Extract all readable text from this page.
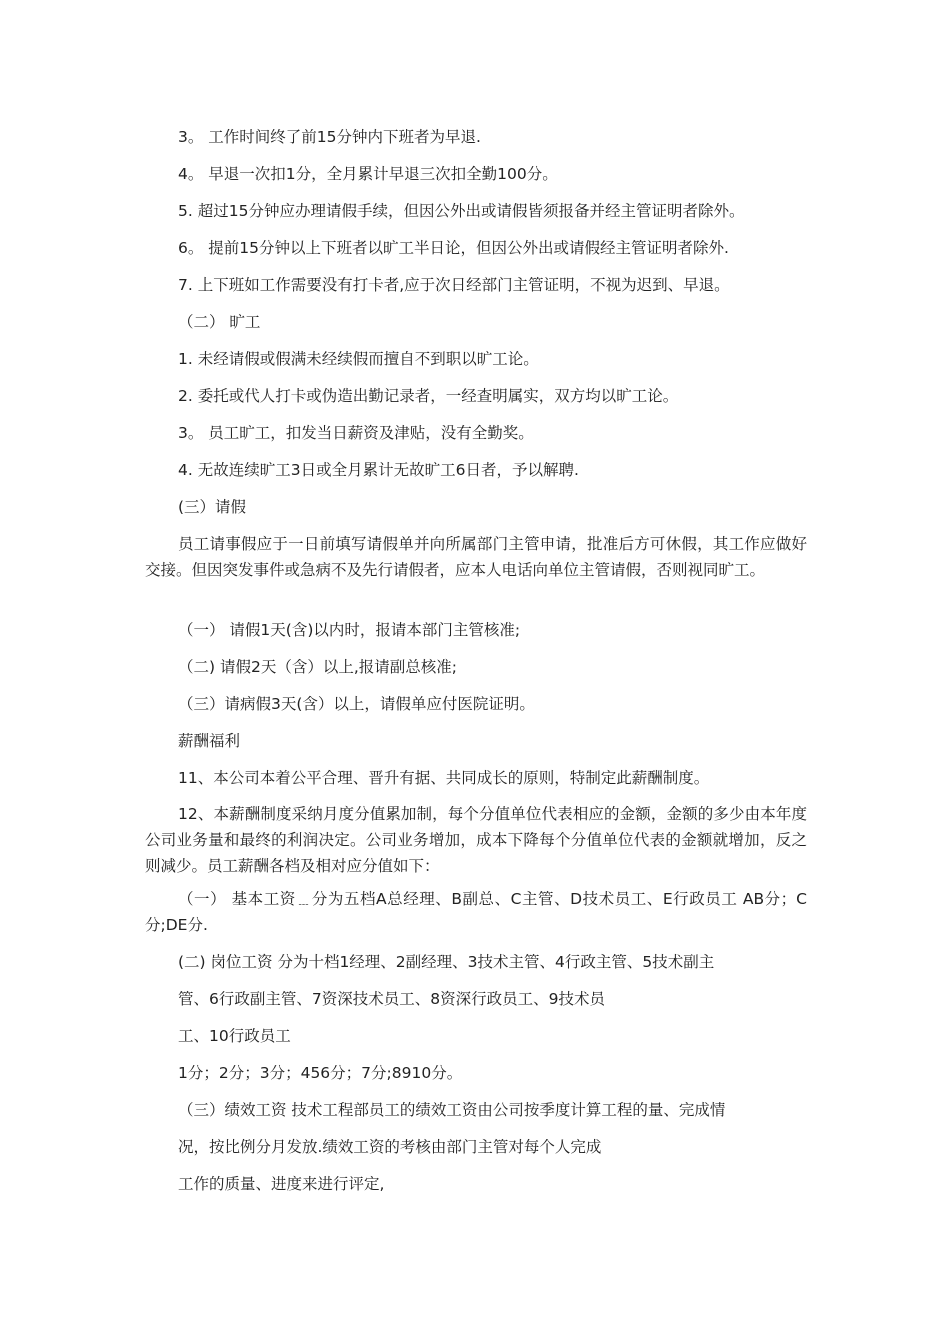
3。 工作时间终了前15分钟内下班者为早退.

4。 早退一次扣1分，全月累计早退三次扣全勤100分。

5. 超过15分钟应办理请假手续，但因公外出或请假皆须报备并经主管证明者除外。

6。 提前15分钟以上下班者以旷工半日论，但因公外出或请假经主管证明者除外.

7. 上下班如工作需要没有打卡者,应于次日经部门主管证明，不视为迟到、早退。

（二） 旷工

1. 未经请假或假满未经续假而擅自不到职以旷工论。

2. 委托或代人打卡或伪造出勤记录者，一经查明属实，双方均以旷工论。

3。 员工旷工，扣发当日薪资及津贴，没有全勤奖。

4. 无故连续旷工3日或全月累计无故旷工6日者，予以解聘.

(三）请假

员工请事假应于一日前填写请假单并向所属部门主管申请，批准后方可休假，其工作应做好交接。但因突发事件或急病不及先行请假者，应本人电话向单位主管请假，否则视同旷工。

（一） 请假1天(含)以内时，报请本部门主管核准;

（二) 请假2天（含）以上,报请副总核准;

（三）请病假3天(含）以上，请假单应付医院证明。

薪酬福利

11、本公司本着公平合理、晋升有据、共同成长的原则，特制定此薪酬制度。

12、本薪酬制度采纳月度分值累加制，每个分值单位代表相应的金额，金额的多少由本年度公司业务量和最终的利润决定。公司业务增加，成本下降每个分值单位代表的金额就增加，反之则减少。员工薪酬各档及相对应分值如下：

（一） 基本工资﹍分为五档A总经理、B副总、C主管、D技术员工、E行政员工 AB分；C分;DE分.

(二) 岗位工资 分为十档1经理、2副经理、3技术主管、4行政主管、5技术副主

管、6行政副主管、7资深技术员工、8资深行政员工、9技术员

工、10行政员工

1分；2分；3分；456分；7分;8910分。

（三）绩效工资 技术工程部员工的绩效工资由公司按季度计算工程的量、完成情

况，按比例分月发放.绩效工资的考核由部门主管对每个人完成

工作的质量、进度来进行评定,
